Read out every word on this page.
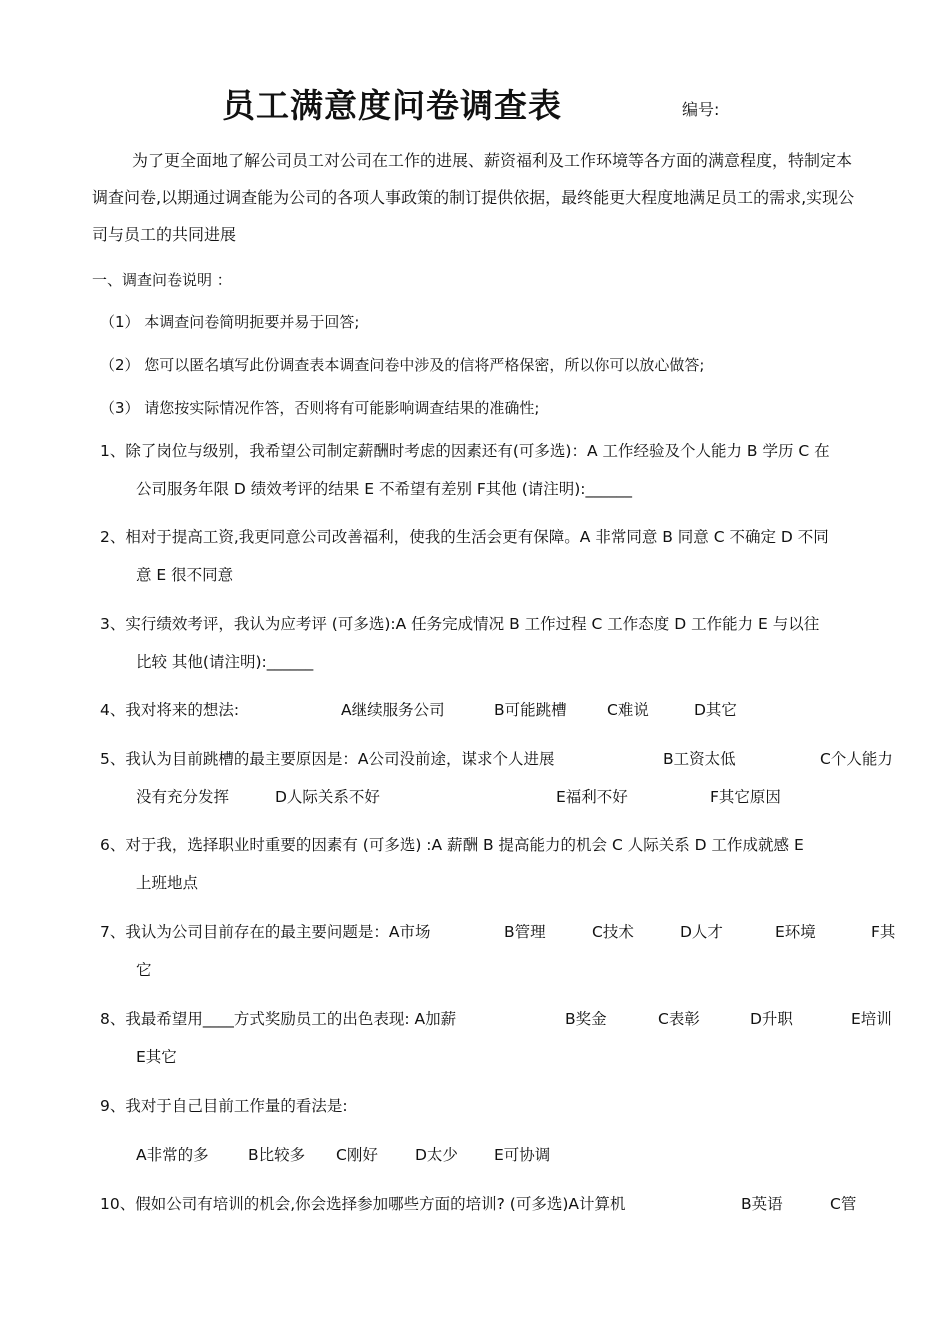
员工满意度问卷调查表	编号:
为了更全面地了解公司员工对公司在工作的进展、薪资福利及工作环境等各方面的满意程度，特制定本调查问卷,以期通过调查能为公司的各项人事政策的制订提供依据，最终能更大程度地满足员工的需求,实现公司与员工的共同进展
一、调查问卷说明 ：
（1） 本调查问卷简明扼要并易于回答;
（2） 您可以匿名填写此份调查表本调查问卷中涉及的信将严格保密，所以你可以放心做答;
（3） 请您按实际情况作答，否则将有可能影响调查结果的准确性;
1、除了岗位与级别，我希望公司制定薪酬时考虑的因素还有(可多选)：A 工作经验及个人能力 B 学历 C 在
公司服务年限 D 绩效考评的结果 E 不希望有差别 F其他 (请注明):______
2、相对于提高工资,我更同意公司改善福利，使我的生活会更有保障。A 非常同意 B 同意 C 不确定 D 不同
意 E 很不同意
3、实行绩效考评，我认为应考评 (可多选):A 任务完成情况 B 工作过程 C 工作态度 D 工作能力 E 与以往
比较 其他(请注明):______
4、我对将来的想法:	A继续服务公司	B可能跳槽	C难说	D其它
5、我认为目前跳槽的最主要原因是：A公司没前途，谋求个人进展	B工资太低	C个人能力
没有充分发挥	D人际关系不好	E福利不好	F其它原因
6、对于我，选择职业时重要的因素有 (可多选) :A 薪酬 B 提高能力的机会 C 人际关系 D 工作成就感 E
上班地点
7、我认为公司目前存在的最主要问题是：A市场	B管理	C技术	D人才	E环境	F其
它
8、我最希望用____方式奖励员工的出色表现: A加薪	B奖金	C表彰	D升职	E培训
E其它
9、我对于自己目前工作量的看法是:
A非常的多	B比较多 C刚好 D太少 E可协调
10、假如公司有培训的机会,你会选择参加哪些方面的培训? (可多选)A计算机	B英语	C管
